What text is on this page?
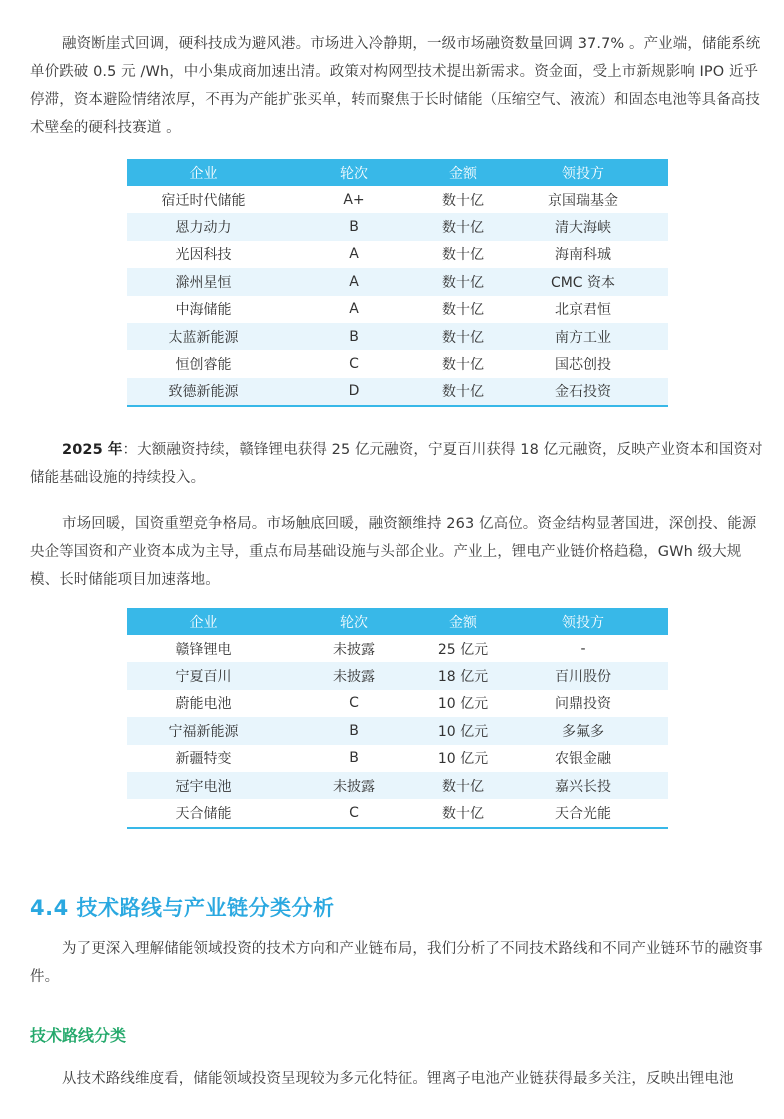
融资断崖式回调，硬科技成为避风港。市场进入冷静期，一级市场融资数量回调 37.7% 。产业端，储能系统单价跌破 0.5 元 /Wh，中小集成商加速出清。政策对构网型技术提出新需求。资金面，受上市新规影响 IPO 近乎停滞，资本避险情绪浓厚，不再为产能扩张买单，转而聚焦于长时储能（压缩空气、液流）和固态电池等具备高技术壁垒的硬科技赛道 。

企业	轮次	金额	领投方
宿迁时代储能	A+	数十亿	京国瑞基金
恩力动力	B	数十亿	清大海峡
光因科技	A	数十亿	海南科珹
滁州星恒	A	数十亿	CMC 资本
中海储能	A	数十亿	北京君恒
太蓝新能源	B	数十亿	南方工业
恒创睿能	C	数十亿	国芯创投
致德新能源	D	数十亿	金石投资

2025 年：大额融资持续，赣锋锂电获得 25 亿元融资，宁夏百川获得 18 亿元融资，反映产业资本和国资对储能基础设施的持续投入。

市场回暖，国资重塑竞争格局。市场触底回暖，融资额维持 263 亿高位。资金结构显著国进，深创投、能源央企等国资和产业资本成为主导，重点布局基础设施与头部企业。产业上，锂电产业链价格趋稳，GWh 级大规模、长时储能项目加速落地。

企业	轮次	金额	领投方
赣锋锂电	未披露	25 亿元	-
宁夏百川	未披露	18 亿元	百川股份
蔚能电池	C	10 亿元	问鼎投资
宁福新能源	B	10 亿元	多氟多
新疆特变	B	10 亿元	农银金融
冠宇电池	未披露	数十亿	嘉兴长投
天合储能	C	数十亿	天合光能
4.4 技术路线与产业链分类分析

为了更深入理解储能领域投资的技术方向和产业链布局，我们分析了不同技术路线和不同产业链环节的融资事件。

技术路线分类

从技术路线维度看，储能领域投资呈现较为多元化特征。锂离子电池产业链获得最多关注，反映出锂电池
